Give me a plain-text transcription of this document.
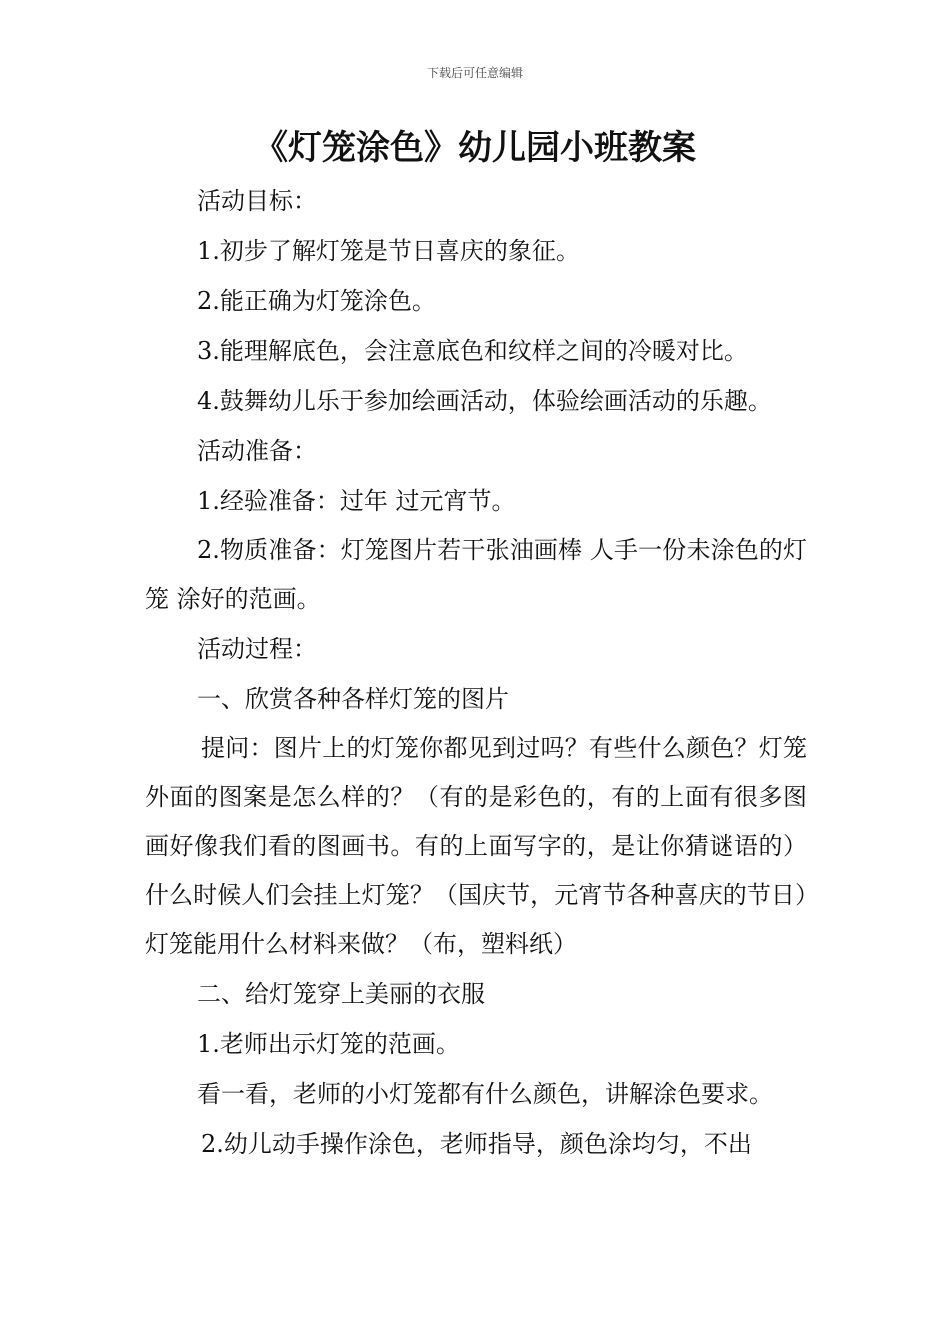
下载后可任意编辑
《灯笼涂色》幼儿园小班教案
活动目标：
1.初步了解灯笼是节日喜庆的象征。
2.能正确为灯笼涂色。
3.能理解底色，会注意底色和纹样之间的冷暖对比。
4.鼓舞幼儿乐于参加绘画活动，体验绘画活动的乐趣。
活动准备：
1.经验准备：过年 过元宵节。
2.物质准备：灯笼图片若干张油画棒 人手一份未涂色的灯笼 涂好的范画。
活动过程：
一、欣赏各种各样灯笼的图片
提问：图片上的灯笼你都见到过吗？有些什么颜色？灯笼外面的图案是怎么样的？（有的是彩色的，有的上面有很多图画好像我们看的图画书。有的上面写字的，是让你猜谜语的）什么时候人们会挂上灯笼？（国庆节，元宵节各种喜庆的节日）灯笼能用什么材料来做？（布，塑料纸）
二、给灯笼穿上美丽的衣服
1.老师出示灯笼的范画。
看一看，老师的小灯笼都有什么颜色，讲解涂色要求。
2.幼儿动手操作涂色，老师指导，颜色涂均匀，不出
